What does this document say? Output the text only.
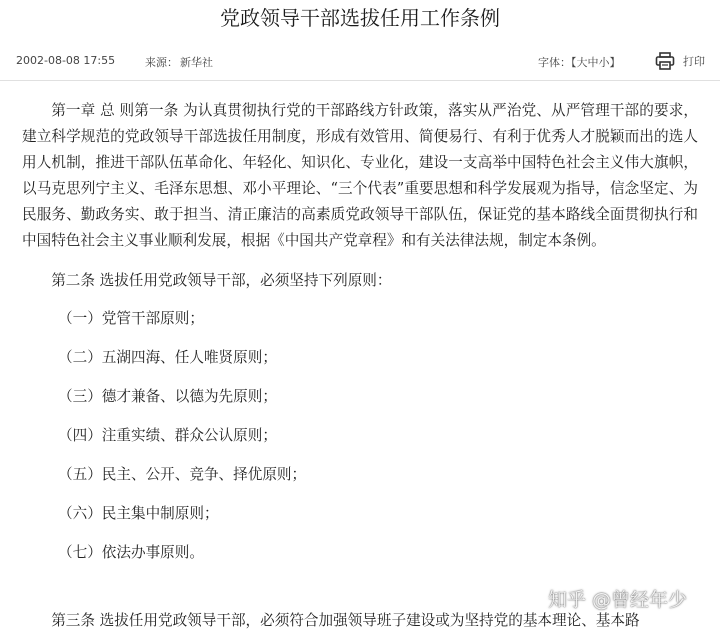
党政领导干部选拔任用工作条例
2002-08-08 17:55	来源： 新华社	字体：【大中小】	打印

第一章 总 则第一条 为认真贯彻执行党的干部路线方针政策，落实从严治党、从严管理干部的要求，建立科学规范的党政领导干部选拔任用制度，形成有效管用、简便易行、有利于优秀人才脱颖而出的选人用人机制，推进干部队伍革命化、年轻化、知识化、专业化，建设一支高举中国特色社会主义伟大旗帜，以马克思列宁主义、毛泽东思想、邓小平理论、“三个代表”重要思想和科学发展观为指导，信念坚定、为民服务、勤政务实、敢于担当、清正廉洁的高素质党政领导干部队伍，保证党的基本路线全面贯彻执行和中国特色社会主义事业顺利发展，根据《中国共产党章程》和有关法律法规，制定本条例。

第二条 选拔任用党政领导干部，必须坚持下列原则：

（一）党管干部原则；
（二）五湖四海、任人唯贤原则；
（三）德才兼备、以德为先原则；
（四）注重实绩、群众公认原则；
（五）民主、公开、竞争、择优原则；
（六）民主集中制原则；
（七）依法办事原则。
第三条 选拔任用党政领导干部，必须符合加强领导班子建设或为坚持党的基本理论、基本路
知乎 @曾经年少
